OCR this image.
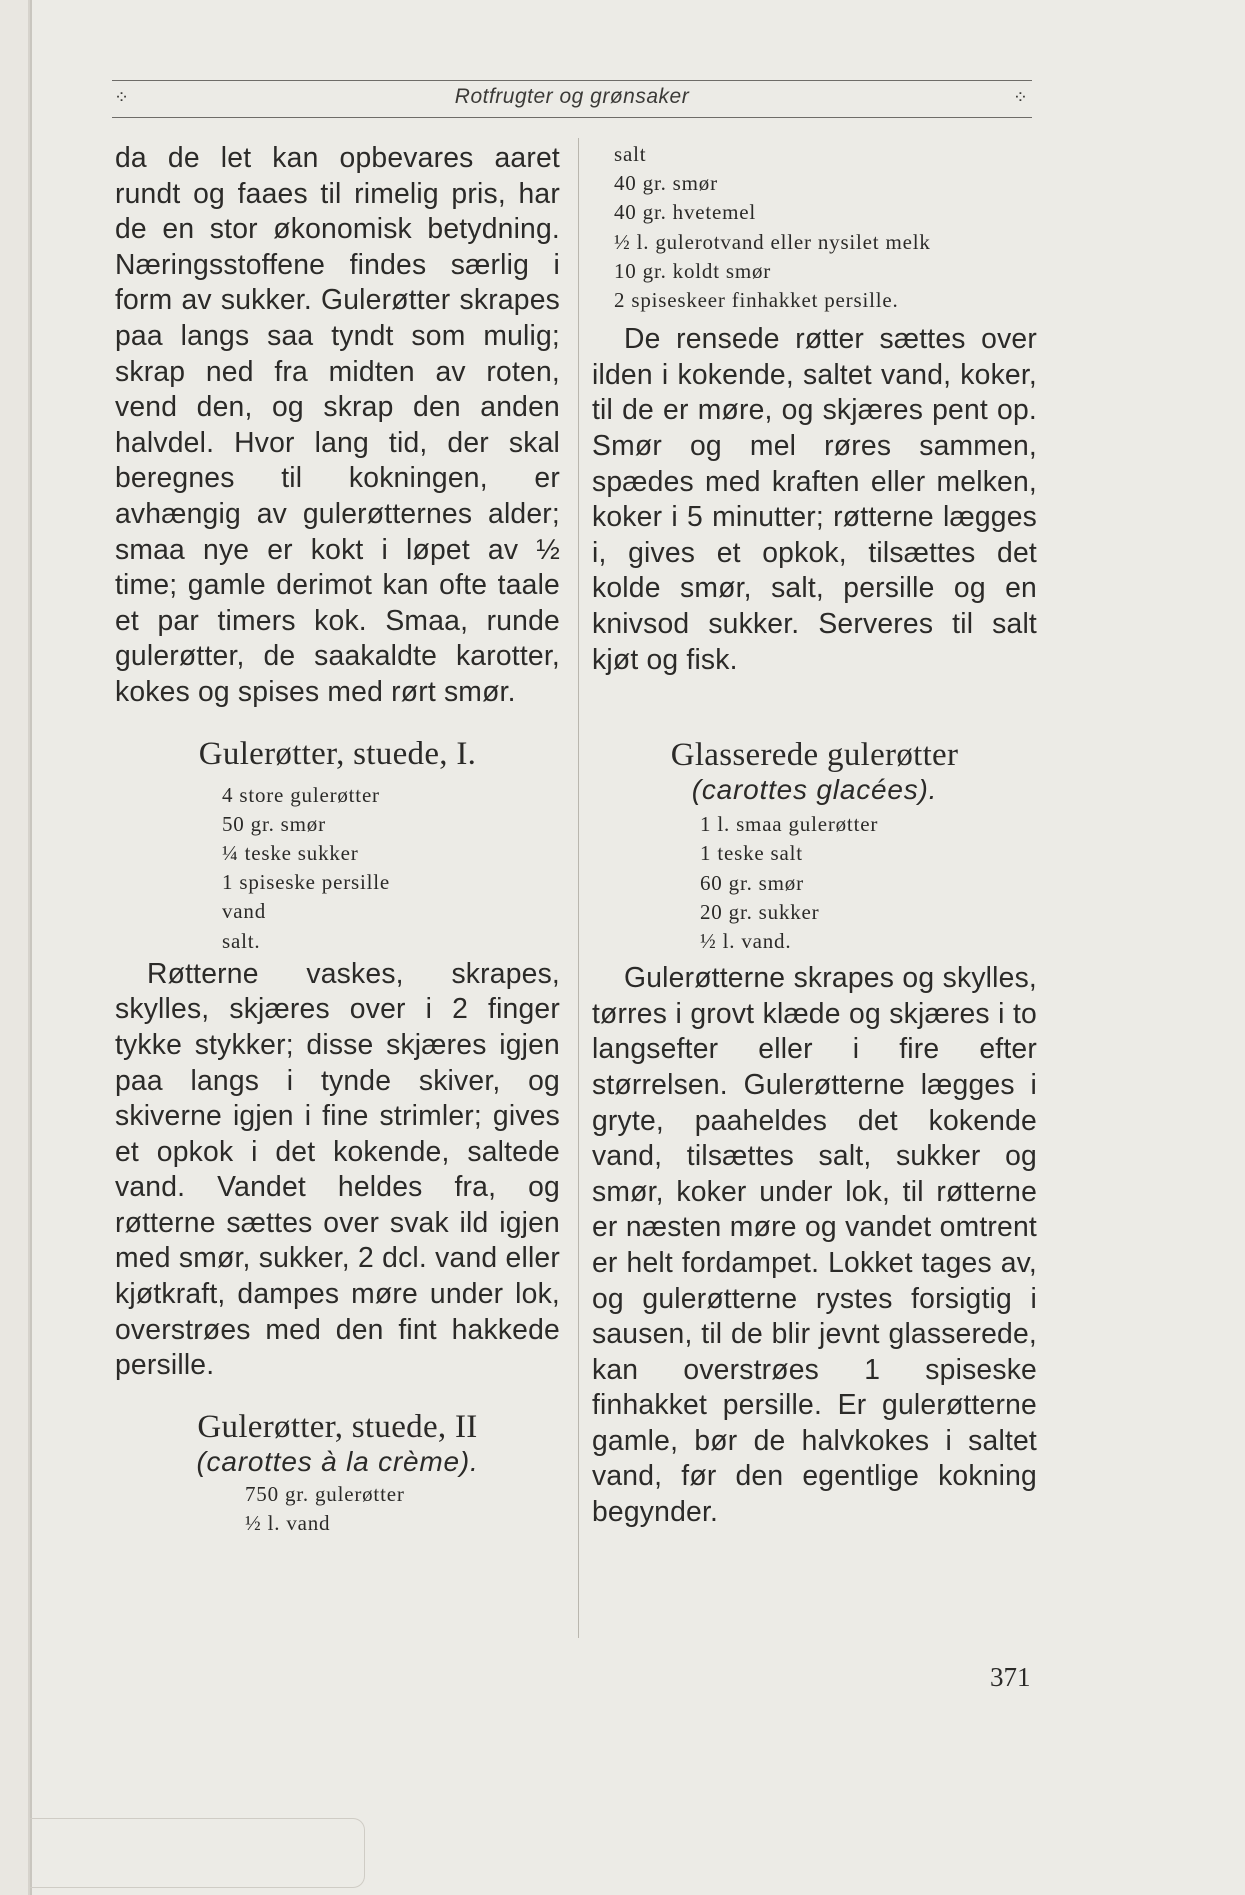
⁘	Rotfrugter og grønsaker	⁘

da de let kan opbevares aaret rundt og faaes til rimelig pris, har de en stor økonomisk betydning. Næringsstoffene findes særlig i form av sukker. Gulerøtter skrapes paa langs saa tyndt som mulig; skrap ned fra midten av roten, vend den, og skrap den anden halvdel. Hvor lang tid, der skal beregnes til kokningen, er avhængig av gulerøtternes alder; smaa nye er kokt i løpet av ½ time; gamle derimot kan ofte taale et par timers kok. Smaa, runde gulerøtter, de saakaldte karotter, kokes og spises med rørt smør.

Gulerøtter, stuede, I.
4 store gulerøtter
50 gr. smør
¼ teske sukker
1 spiseske persille
vand
salt.

Røtterne vaskes, skrapes, skylles, skjæres over i 2 finger tykke stykker; disse skjæres igjen paa langs i tynde skiver, og skiverne igjen i fine strimler; gives et opkok i det kokende, saltede vand. Vandet heldes fra, og røtterne sættes over svak ild igjen med smør, sukker, 2 dcl. vand eller kjøtkraft, dampes møre under lok, overstrøes med den fint hakkede persille.

Gulerøtter, stuede, II
(carottes à la crème).
750 gr. gulerøtter
½ l. vand
salt
40 gr. smør
40 gr. hvetemel
½ l. gulerotvand eller nysilet melk
10 gr. koldt smør
2 spiseskeer finhakket persille.

De rensede røtter sættes over ilden i kokende, saltet vand, koker, til de er møre, og skjæres pent op. Smør og mel røres sammen, spædes med kraften eller melken, koker i 5 minutter; røtterne lægges i, gives et opkok, tilsættes det kolde smør, salt, persille og en knivsod sukker. Serveres til salt kjøt og fisk.

Glasserede gulerøtter
(carottes glacées).
1 l. smaa gulerøtter
1 teske salt
60 gr. smør
20 gr. sukker
½ l. vand.

Gulerøtterne skrapes og skylles, tørres i grovt klæde og skjæres i to langsefter eller i fire efter størrelsen. Gulerøtterne lægges i gryte, paaheldes det kokende vand, tilsættes salt, sukker og smør, koker under lok, til røtterne er næsten møre og vandet omtrent er helt fordampet. Lokket tages av, og gulerøtterne rystes forsigtig i sausen, til de blir jevnt glasserede, kan overstrøes 1 spiseske finhakket persille. Er gulerøtterne gamle, bør de halvkokes i saltet vand, før den egentlige kokning begynder.

371
